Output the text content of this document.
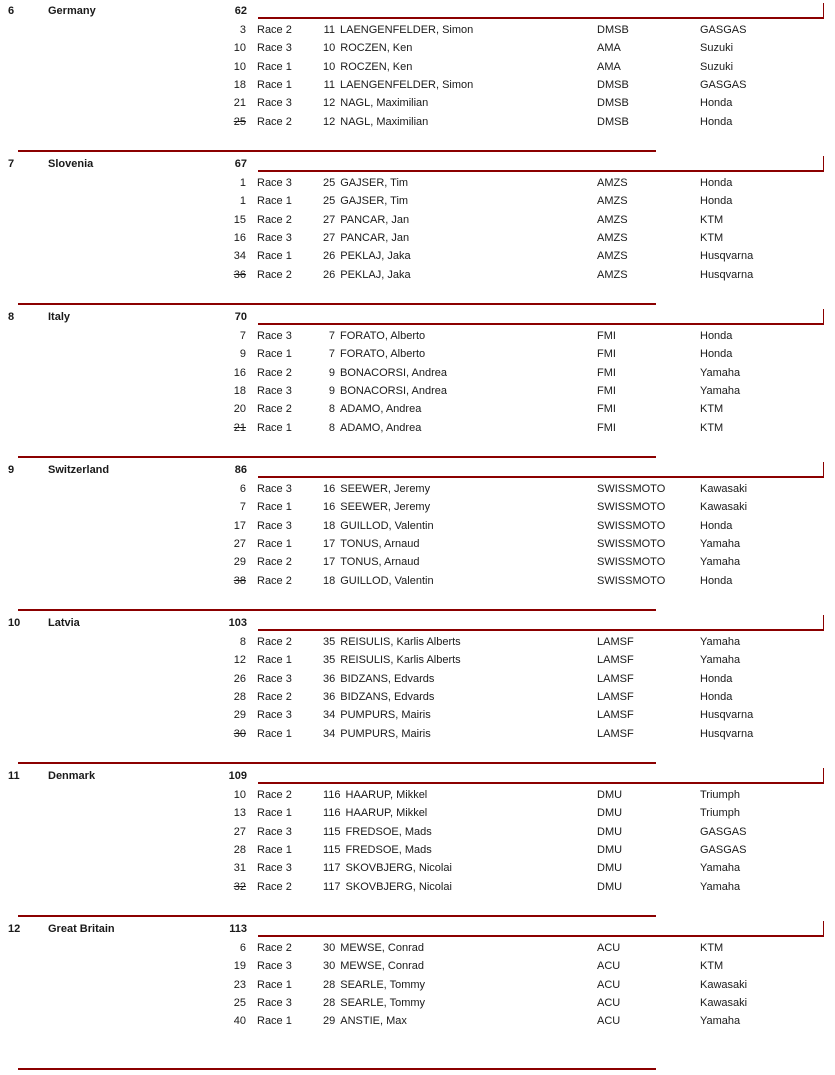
6	Germany	62
3 Race 2	11 LAENGENFELDER, Simon	DMSB	GASGAS
10 Race 3	10 ROCZEN, Ken	AMA	Suzuki
10 Race 1	10 ROCZEN, Ken	AMA	Suzuki
18 Race 1	11 LAENGENFELDER, Simon	DMSB	GASGAS
21 Race 3	12 NAGL, Maximilian	DMSB	Honda
25 Race 2	12 NAGL, Maximilian	DMSB	Honda
7	Slovenia	67
1 Race 3	25 GAJSER, Tim	AMZS	Honda
1 Race 1	25 GAJSER, Tim	AMZS	Honda
15 Race 2	27 PANCAR, Jan	AMZS	KTM
16 Race 3	27 PANCAR, Jan	AMZS	KTM
34 Race 1	26 PEKLAJ, Jaka	AMZS	Husqvarna
36 Race 2	26 PEKLAJ, Jaka	AMZS	Husqvarna
8	Italy	70
7 Race 3	7 FORATO, Alberto	FMI	Honda
9 Race 1	7 FORATO, Alberto	FMI	Honda
16 Race 2	9 BONACORSI, Andrea	FMI	Yamaha
18 Race 3	9 BONACORSI, Andrea	FMI	Yamaha
20 Race 2	8 ADAMO, Andrea	FMI	KTM
21 Race 1	8 ADAMO, Andrea	FMI	KTM
9	Switzerland	86
6 Race 3	16 SEEWER, Jeremy	SWISSMOTO	Kawasaki
7 Race 1	16 SEEWER, Jeremy	SWISSMOTO	Kawasaki
17 Race 3	18 GUILLOD, Valentin	SWISSMOTO	Honda
27 Race 1	17 TONUS, Arnaud	SWISSMOTO	Yamaha
29 Race 2	17 TONUS, Arnaud	SWISSMOTO	Yamaha
38 Race 2	18 GUILLOD, Valentin	SWISSMOTO	Honda
10	Latvia	103
8 Race 2	35 REISULIS, Karlis Alberts	LAMSF	Yamaha
12 Race 1	35 REISULIS, Karlis Alberts	LAMSF	Yamaha
26 Race 3	36 BIDZANS, Edvards	LAMSF	Honda
28 Race 2	36 BIDZANS, Edvards	LAMSF	Honda
29 Race 3	34 PUMPURS, Mairis	LAMSF	Husqvarna
30 Race 1	34 PUMPURS, Mairis	LAMSF	Husqvarna
11	Denmark	109
10 Race 2	116 HAARUP, Mikkel	DMU	Triumph
13 Race 1	116 HAARUP, Mikkel	DMU	Triumph
27 Race 3	115 FREDSOE, Mads	DMU	GASGAS
28 Race 1	115 FREDSOE, Mads	DMU	GASGAS
31 Race 3	117 SKOVBJERG, Nicolai	DMU	Yamaha
32 Race 2	117 SKOVBJERG, Nicolai	DMU	Yamaha
12	Great Britain	113
6 Race 2	30 MEWSE, Conrad	ACU	KTM
19 Race 3	30 MEWSE, Conrad	ACU	KTM
23 Race 1	28 SEARLE, Tommy	ACU	Kawasaki
25 Race 3	28 SEARLE, Tommy	ACU	Kawasaki
40 Race 1	29 ANSTIE, Max	ACU	Yamaha
